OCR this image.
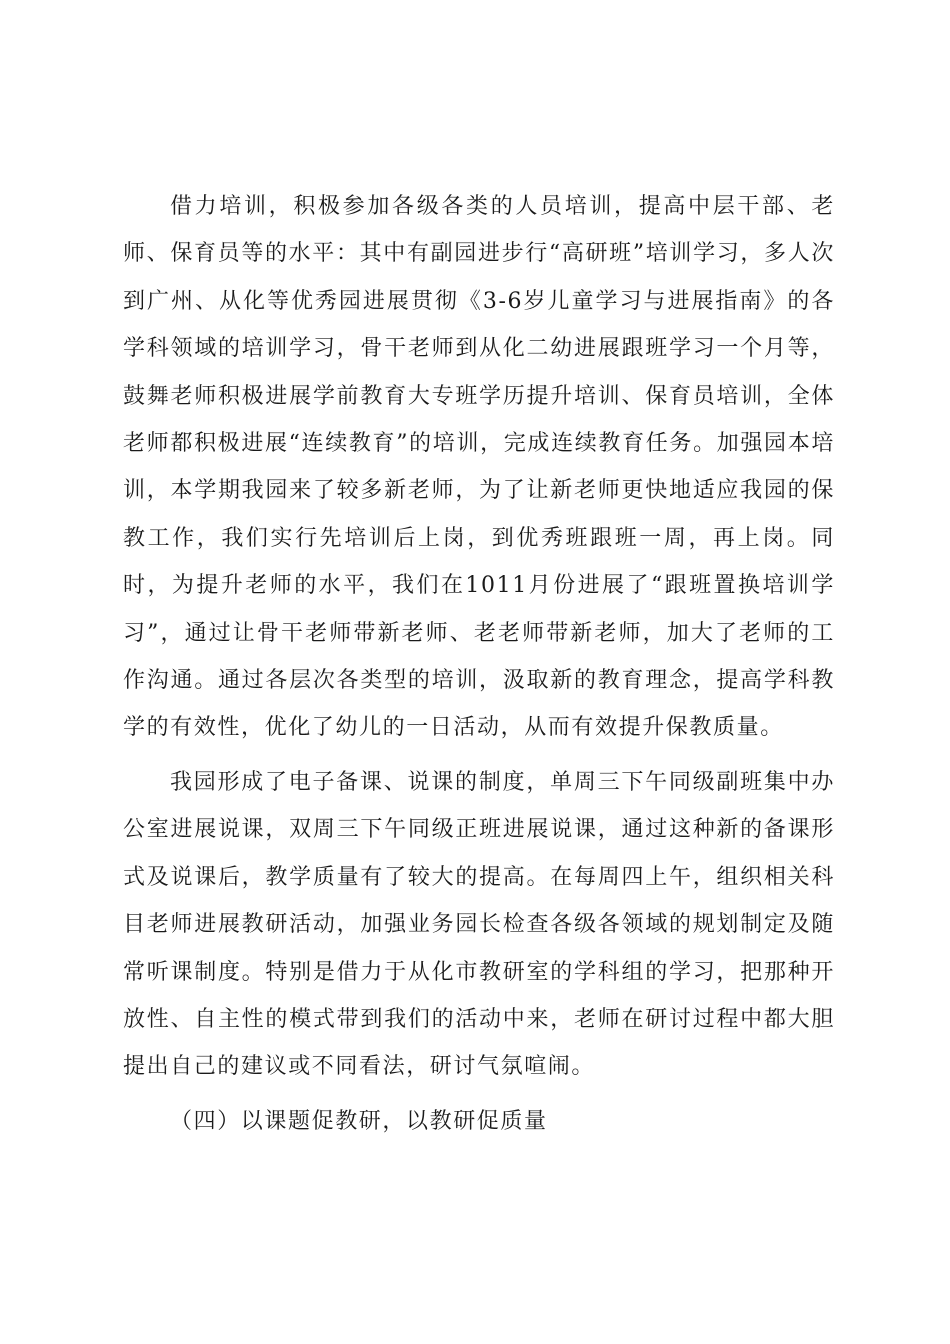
借力培训，积极参加各级各类的人员培训，提高中层干部、老师、保育员等的水平：其中有副园进步行“高研班”培训学习，多人次到广州、从化等优秀园进展贯彻《3-6岁儿童学习与进展指南》的各学科领域的培训学习，骨干老师到从化二幼进展跟班学习一个月等，鼓舞老师积极进展学前教育大专班学历提升培训、保育员培训，全体老师都积极进展“连续教育”的培训，完成连续教育任务。加强园本培训，本学期我园来了较多新老师，为了让新老师更快地适应我园的保教工作，我们实行先培训后上岗，到优秀班跟班一周，再上岗。同时，为提升老师的水平，我们在1011月份进展了“跟班置换培训学习”，通过让骨干老师带新老师、老老师带新老师，加大了老师的工作沟通。通过各层次各类型的培训，汲取新的教育理念，提高学科教学的有效性，优化了幼儿的一日活动，从而有效提升保教质量。

我园形成了电子备课、说课的制度，单周三下午同级副班集中办公室进展说课，双周三下午同级正班进展说课，通过这种新的备课形式及说课后，教学质量有了较大的提高。在每周四上午，组织相关科目老师进展教研活动，加强业务园长检查各级各领域的规划制定及随常听课制度。特别是借力于从化市教研室的学科组的学习，把那种开放性、自主性的模式带到我们的活动中来，老师在研讨过程中都大胆提出自己的建议或不同看法，研讨气氛喧闹。

（四）以课题促教研，以教研促质量
